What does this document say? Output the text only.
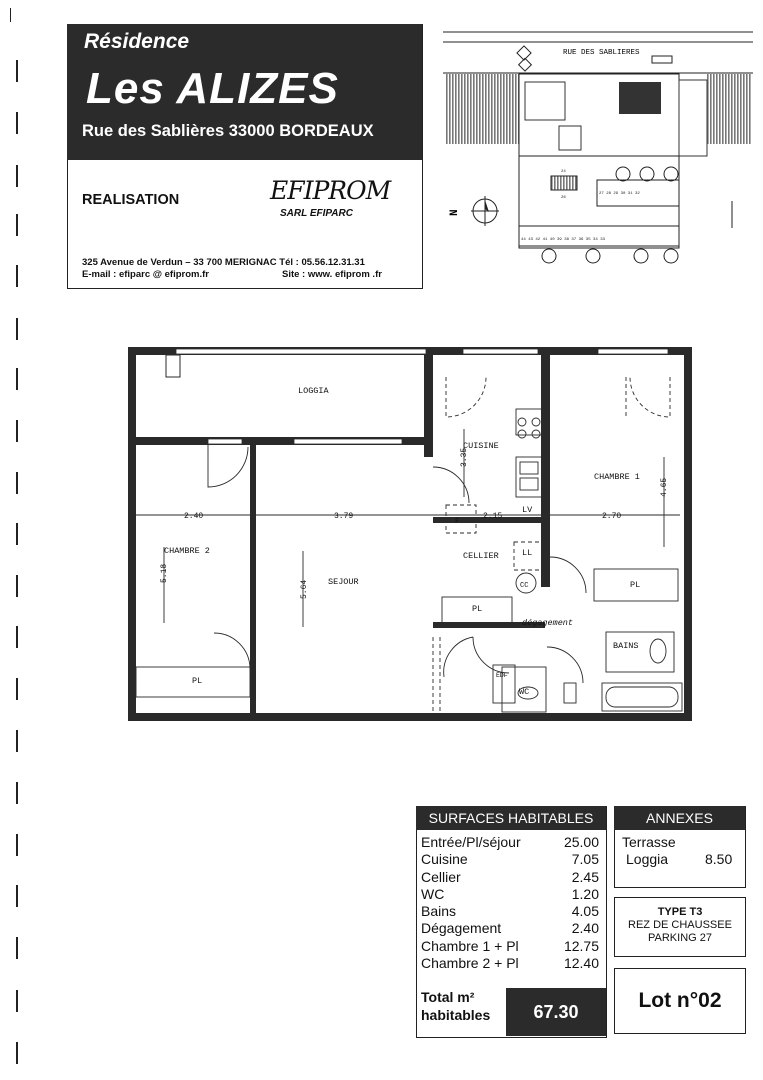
Résidence
Les ALIZES
Rue des Sablières 33000 BORDEAUX
REALISATION	EFIPROM
SARL EFIPARC
325 Avenue de Verdun – 33 700 MERIGNAC Tél : 05.56.12.31.31
E-mail : efiparc @ efiprom.fr	Site : www. efiprom .fr
RUE DES SABLIERES
27 28 29 30 31 32
44 43 42 41 40 39 38 37 36 35 34 33
24
26
N
LOGGIA
CUISINE
CHAMBRE 1
CHAMBRE 2
SEJOUR
CELLIER
dégagement
BAINS
WC
PL
PL
PL
LV
LL
CC
F
EDF
2.40	3.79	2.15	2.70
5.18
5.64
3.35
4.65
SURFACES HABITABLES
Entrée/Pl/séjour	25.00
Cuisine	7.05
Cellier	2.45
WC	1.20
Bains	4.05
Dégagement	2.40
Chambre 1 + Pl	12.75
Chambre 2 + Pl	12.40
Total m²
habitables	67.30
ANNEXES
Terrasse
Loggia	8.50
TYPE T3
REZ DE CHAUSSEE
PARKING 27
Lot n°02
